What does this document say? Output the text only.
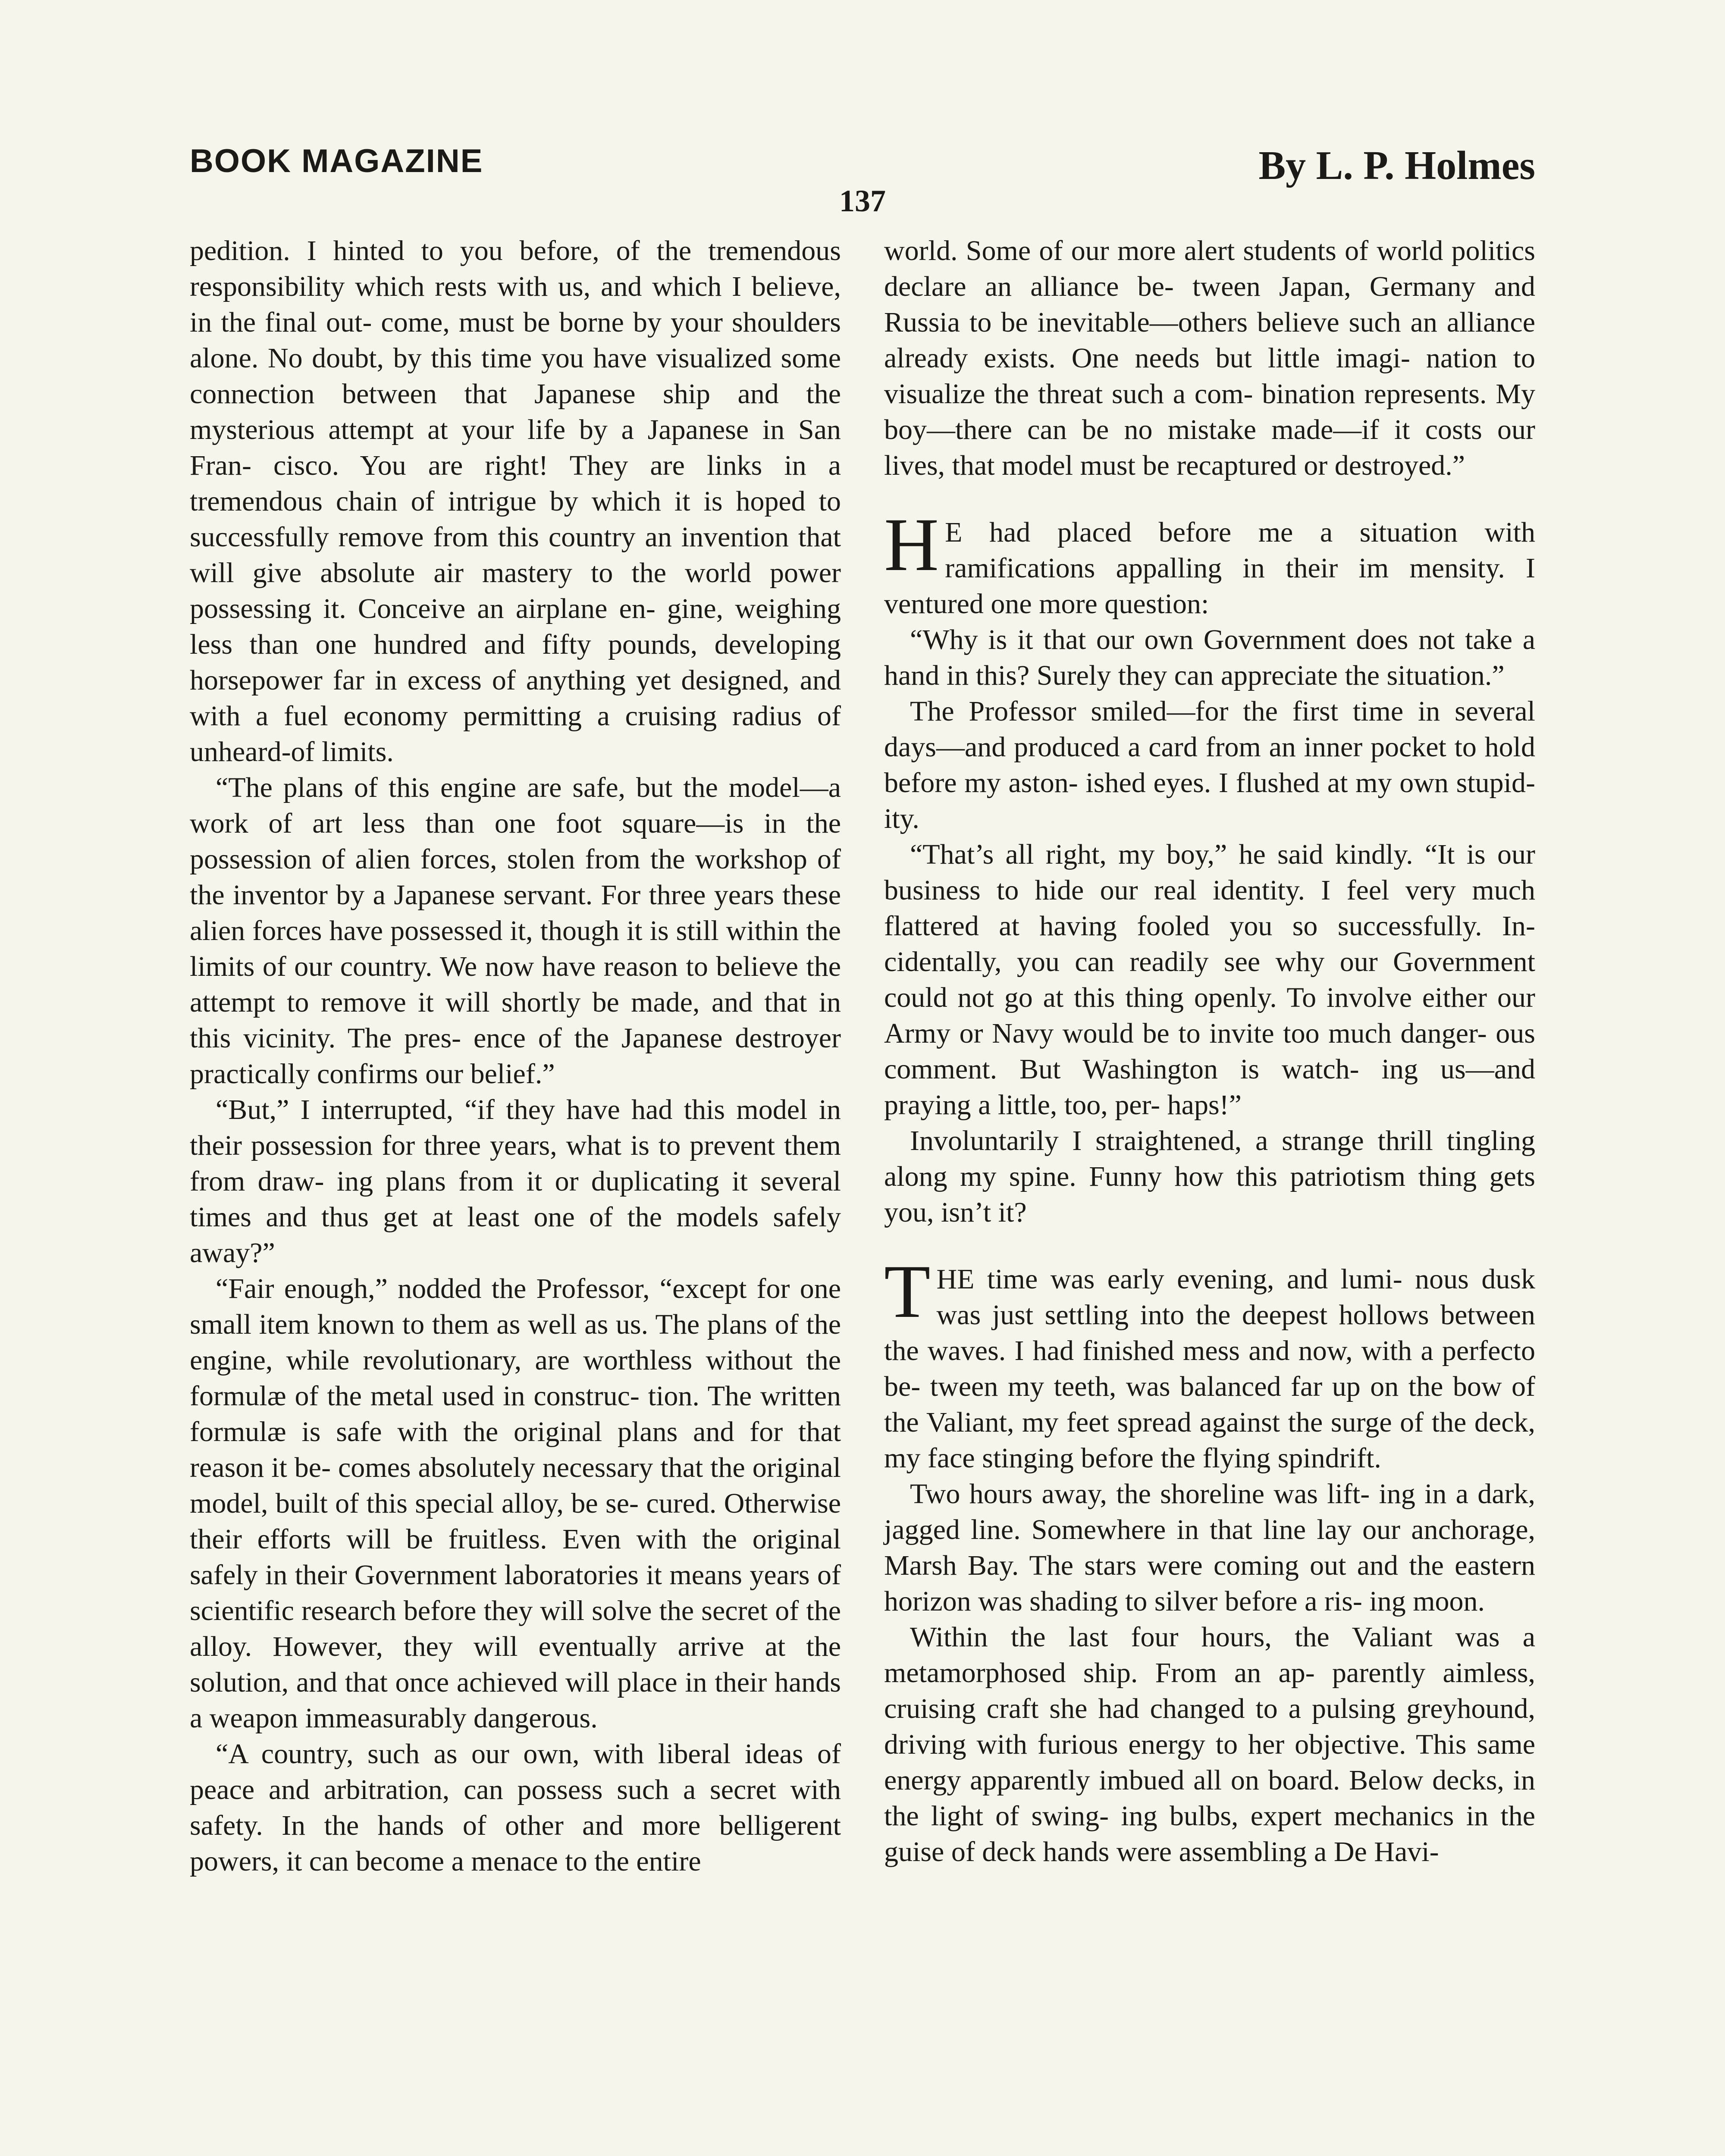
BOOK MAGAZINE
137
By L. P. Holmes

pedition. I hinted to you before, of the tremendous responsibility which rests with us, and which I believe, in the final out- come, must be borne by your shoulders alone. No doubt, by this time you have visualized some connection between that Japanese ship and the mysterious attempt at your life by a Japanese in San Fran- cisco. You are right! They are links in a tremendous chain of intrigue by which it is hoped to successfully remove from this country an invention that will give absolute air mastery to the world power possessing it. Conceive an airplane en- gine, weighing less than one hundred and fifty pounds, developing horsepower far in excess of anything yet designed, and with a fuel economy permitting a cruising radius of unheard-of limits.

“The plans of this engine are safe, but the model—a work of art less than one foot square—is in the possession of alien forces, stolen from the workshop of the inventor by a Japanese servant. For three years these alien forces have possessed it, though it is still within the limits of our country. We now have reason to believe the attempt to remove it will shortly be made, and that in this vicinity. The pres- ence of the Japanese destroyer practically confirms our belief.”

“But,” I interrupted, “if they have had this model in their possession for three years, what is to prevent them from draw- ing plans from it or duplicating it several times and thus get at least one of the models safely away?”

“Fair enough,” nodded the Professor, “except for one small item known to them as well as us. The plans of the engine, while revolutionary, are worthless without the formulæ of the metal used in construc- tion. The written formulæ is safe with the original plans and for that reason it be- comes absolutely necessary that the original model, built of this special alloy, be se- cured. Otherwise their efforts will be fruitless. Even with the original safely in their Government laboratories it means years of scientific research before they will solve the secret of the alloy. However, they will eventually arrive at the solution, and that once achieved will place in their hands a weapon immeasurably dangerous.

“A country, such as our own, with liberal ideas of peace and arbitration, can possess such a secret with safety. In the hands of other and more belligerent powers, it can become a menace to the entire

world. Some of our more alert students of world politics declare an alliance be- tween Japan, Germany and Russia to be inevitable—others believe such an alliance already exists. One needs but little imagi- nation to visualize the threat such a com- bination represents. My boy—there can be no mistake made—if it costs our lives, that model must be recaptured or destroyed.”

H E had placed before me a situation with ramifications appalling in their im mensity. I ventured one more question:

“Why is it that our own Government does not take a hand in this? Surely they can appreciate the situation.”

The Professor smiled—for the first time in several days—and produced a card from an inner pocket to hold before my aston- ished eyes. I flushed at my own stupid- ity.

“That’s all right, my boy,” he said kindly. “It is our business to hide our real identity. I feel very much flattered at having fooled you so successfully. In- cidentally, you can readily see why our Government could not go at this thing openly. To involve either our Army or Navy would be to invite too much danger- ous comment. But Washington is watch- ing us—and praying a little, too, per- haps!”

Involuntarily I straightened, a strange thrill tingling along my spine. Funny how this patriotism thing gets you, isn’t it?

THE time was early evening, and lumi- nous dusk was just settling into the deepest hollows between the waves. I had finished mess and now, with a perfecto be- tween my teeth, was balanced far up on the bow of the Valiant, my feet spread against the surge of the deck, my face stinging before the flying spindrift.

Two hours away, the shoreline was lift- ing in a dark, jagged line. Somewhere in that line lay our anchorage, Marsh Bay. The stars were coming out and the eastern horizon was shading to silver before a ris- ing moon.

Within the last four hours, the Valiant was a metamorphosed ship. From an ap- parently aimless, cruising craft she had changed to a pulsing greyhound, driving with furious energy to her objective. This same energy apparently imbued all on board. Below decks, in the light of swing- ing bulbs, expert mechanics in the guise of deck hands were assembling a De Havi-
